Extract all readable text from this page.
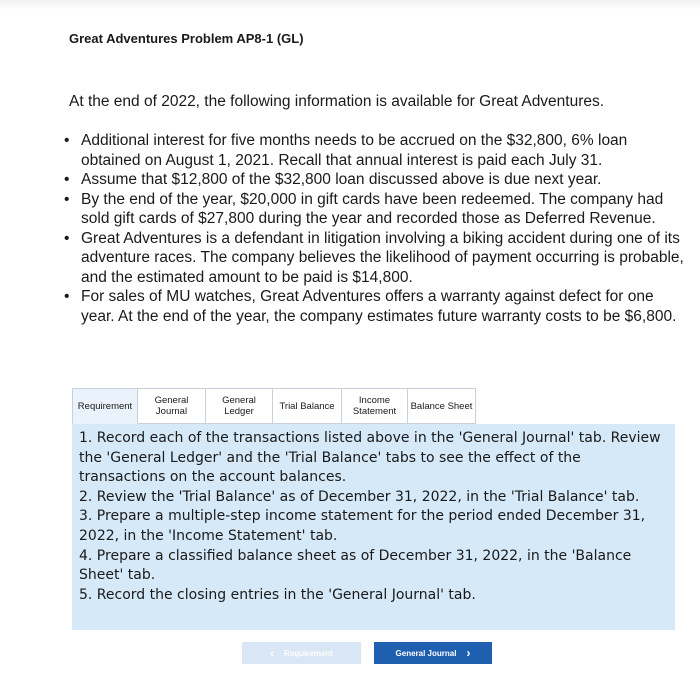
Great Adventures Problem AP8-1 (GL)
At the end of 2022, the following information is available for Great Adventures.
• Additional interest for five months needs to be accrued on the $32,800, 6% loan obtained on August 1, 2021. Recall that annual interest is paid each July 31.
• Assume that $12,800 of the $32,800 loan discussed above is due next year.
• By the end of the year, $20,000 in gift cards have been redeemed. The company had sold gift cards of $27,800 during the year and recorded those as Deferred Revenue.
• Great Adventures is a defendant in litigation involving a biking accident during one of its adventure races. The company believes the likelihood of payment occurring is probable, and the estimated amount to be paid is $14,800.
• For sales of MU watches, Great Adventures offers a warranty against defect for one year. At the end of the year, the company estimates future warranty costs to be $6,800.
Requirement General
Journal
General
Ledger	Trial Balance	Income
Statement Balance Sheet

1. Record each of the transactions listed above in the 'General Journal' tab. Review the 'General Ledger' and the 'Trial Balance' tabs to see the effect of the transactions on the account balances.

2. Review the 'Trial Balance' as of December 31, 2022, in the 'Trial Balance' tab.

3. Prepare a multiple-step income statement for the period ended December 31, 2022, in the 'Income Statement' tab.

4. Prepare a classified balance sheet as of December 31, 2022, in the 'Balance Sheet' tab.

5. Record the closing entries in the 'General Journal' tab.

‹ Requirement	General Journal ›
